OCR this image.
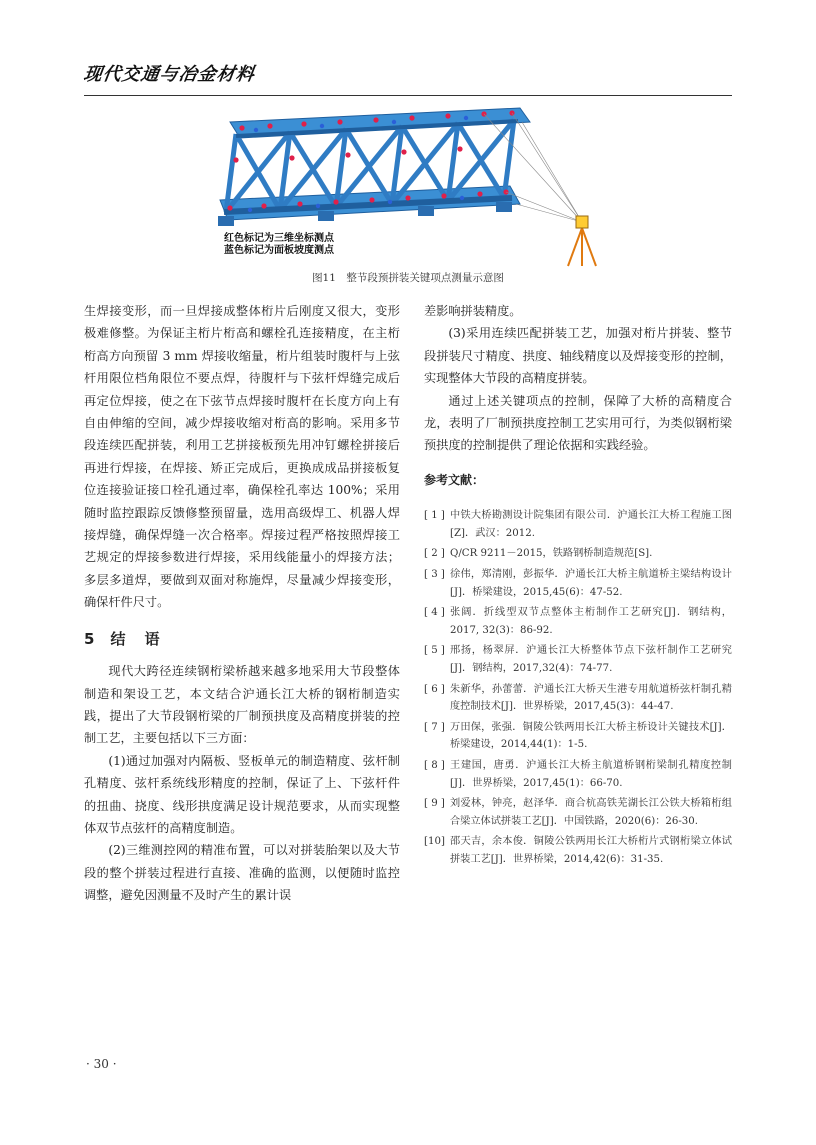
现代交通与冶金材料
红色标记为三维坐标测点
蓝色标记为面板坡度测点
图11　整节段预拼装关键项点测量示意图

生焊接变形，而一旦焊接成整体桁片后刚度又很大，变形极难修整。为保证主桁片桁高和螺栓孔连接精度，在主桁桁高方向预留 3 mm 焊接收缩量，桁片组装时腹杆与上弦杆用限位档角限位不要点焊，待腹杆与下弦杆焊缝完成后再定位焊接，使之在下弦节点焊接时腹杆在长度方向上有自由伸缩的空间，减少焊接收缩对桁高的影响。采用多节段连续匹配拼装，利用工艺拼接板预先用冲钉螺栓拼接后再进行焊接，在焊接、矫正完成后，更换成成品拼接板复位连接验证接口栓孔通过率，确保栓孔率达 100%；采用随时监控跟踪反馈修整预留量，选用高级焊工、机器人焊接焊缝，确保焊缝一次合格率。焊接过程严格按照焊接工艺规定的焊接参数进行焊接，采用线能量小的焊接方法；多层多道焊，要做到双面对称施焊，尽量减少焊接变形，确保杆件尺寸。

5 结　语

现代大跨径连续钢桁梁桥越来越多地采用大节段整体制造和架设工艺，本文结合沪通长江大桥的钢桁制造实践，提出了大节段钢桁梁的厂制预拱度及高精度拼装的控制工艺，主要包括以下三方面：

(1)通过加强对内隔板、竖板单元的制造精度、弦杆制孔精度、弦杆系统线形精度的控制，保证了上、下弦杆件的扭曲、挠度、线形拱度满足设计规范要求，从而实现整体双节点弦杆的高精度制造。

(2)三维测控网的精准布置，可以对拼装胎架以及大节段的整个拼装过程进行直接、准确的监测，以便随时监控调整，避免因测量不及时产生的累计误

差影响拼装精度。

(3)采用连续匹配拼装工艺，加强对桁片拼装、整节段拼装尺寸精度、拱度、轴线精度以及焊接变形的控制，实现整体大节段的高精度拼装。

通过上述关键项点的控制，保障了大桥的高精度合龙，表明了厂制预拱度控制工艺实用可行，为类似钢桁梁预拱度的控制提供了理论依据和实践经验。

参考文献：
[ 1 ] 中铁大桥勘测设计院集团有限公司．沪通长江大桥工程施工图[Z]．武汉：2012.
[ 2 ] Q/CR 9211－2015，铁路钢桥制造规范[S].
[ 3 ] 徐伟，郑清刚，彭振华．沪通长江大桥主航道桥主梁结构设计[J]．桥梁建设，2015,45(6)：47-52.
[ 4 ] 张阔．折线型双节点整体主桁制作工艺研究[J]．钢结构，2017, 32(3)：86-92.
[ 5 ] 邢扬，杨翠屏．沪通长江大桥整体节点下弦杆制作工艺研究[J]．钢结构，2017,32(4)：74-77.
[ 6 ] 朱新华，孙蕾蕾．沪通长江大桥天生港专用航道桥弦杆制孔精度控制技术[J]．世界桥梁，2017,45(3)：44-47.
[ 7 ] 万田保，张强．铜陵公铁两用长江大桥主桥设计关键技术[J]．桥梁建设，2014,44(1)：1-5.
[ 8 ] 王建国，唐勇．沪通长江大桥主航道桥钢桁梁制孔精度控制[J]．世界桥梁，2017,45(1)：66-70.
[ 9 ] 刘爱林，钟亮，赵泽华．商合杭高铁芜湖长江公铁大桥箱桁组合梁立体试拼装工艺[J]．中国铁路，2020(6)：26-30.
[10] 邵天吉，余本俊．铜陵公铁两用长江大桥桁片式钢桁梁立体试拼装工艺[J]．世界桥梁，2014,42(6)：31-35.
· 30 ·
